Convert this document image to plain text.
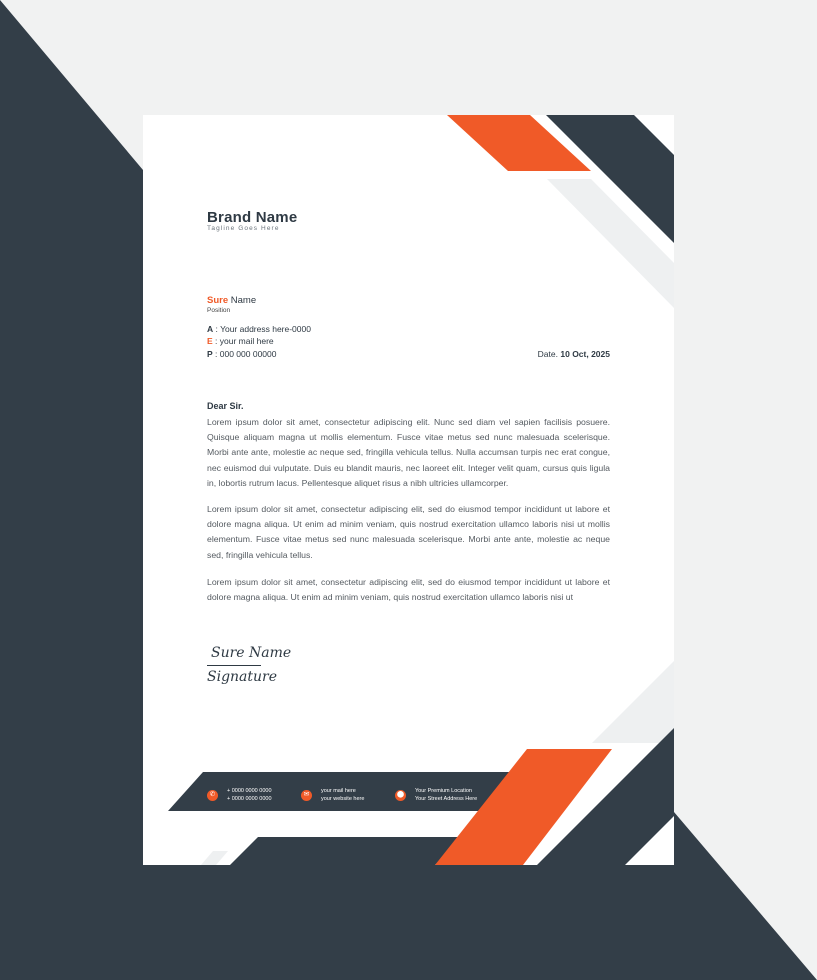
Brand Name
Tagline Goes Here
Sure Name
Position
A : Your address here-0000
E : your mail here
P : 000 000 00000	Date. 10 Oct, 2025
Dear Sir.

Lorem ipsum dolor sit amet, consectetur adipiscing elit. Nunc sed diam vel sapien facilisis posuere. Quisque aliquam magna ut mollis elementum. Fusce vitae metus sed nunc malesuada scelerisque. Morbi ante ante, molestie ac neque sed, fringilla vehicula tellus. Nulla accumsan turpis nec erat congue, nec euismod dui vulputate. Duis eu blandit mauris, nec laoreet elit. Integer velit quam, cursus quis ligula in, lobortis rutrum lacus. Pellentesque aliquet risus a nibh ultricies ullamcorper.

Lorem ipsum dolor sit amet, consectetur adipiscing elit, sed do eiusmod tempor incididunt ut labore et dolore magna aliqua. Ut enim ad minim veniam, quis nostrud exercitation ullamco laboris nisi ut mollis elementum. Fusce vitae metus sed nunc malesuada scelerisque. Morbi ante ante, molestie ac neque sed, fringilla vehicula tellus.

Lorem ipsum dolor sit amet, consectetur adipiscing elit, sed do eiusmod tempor incididunt ut labore et dolore magna aliqua. Ut enim ad minim veniam, quis nostrud exercitation ullamco laboris nisi ut

Sure Name
Signature
✆	+ 0000 0000 0000
+ 0000 0000 0000
✉	your mail here
your website here
⬤	Your Premium Location
Your Street Address Here
